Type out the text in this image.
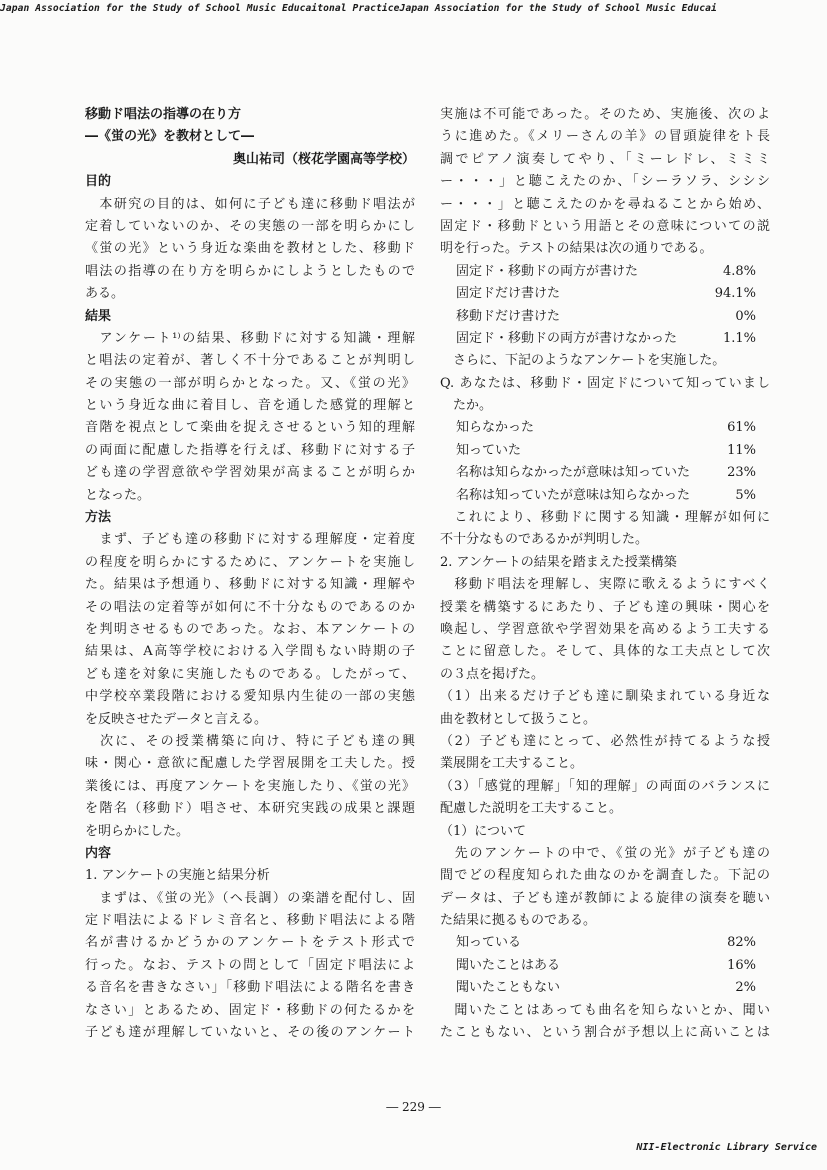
Japan Association for the Study of School Music Educaitonal PracticeJapan Association for the Study of School Music Educai
移動ド唱法の指導の在り方
―《蛍の光》を教材として―
奥山祐司（桜花学園高等学校）
目的
　本研究の目的は、如何に子ども達に移動ド唱法が
定着していないのか、その実態の一部を明らかにし
《蛍の光》という身近な楽曲を教材とした、移動ド
唱法の指導の在り方を明らかにしようとしたもので
ある。
結果
　アンケート¹⁾の結果、移動ドに対する知識・理解
と唱法の定着が、著しく不十分であることが判明し
その実態の一部が明らかとなった。又、《蛍の光》
という身近な曲に着目し、音を通した感覚的理解と
音階を視点として楽曲を捉えさせるという知的理解
の両面に配慮した指導を行えば、移動ドに対する子
ども達の学習意欲や学習効果が高まることが明らか
となった。
方法
　まず、子ども達の移動ドに対する理解度・定着度
の程度を明らかにするために、アンケートを実施し
た。結果は予想通り、移動ドに対する知識・理解や
その唱法の定着等が如何に不十分なものであるのか
を判明させるものであった。なお、本アンケートの
結果は、A高等学校における入学間もない時期の子
ども達を対象に実施したものである。したがって、
中学校卒業段階における愛知県内生徒の一部の実態
を反映させたデータと言える。
　次に、その授業構築に向け、特に子ども達の興
味・関心・意欲に配慮した学習展開を工夫した。授
業後には、再度アンケートを実施したり、《蛍の光》
を階名（移動ド）唱させ、本研究実践の成果と課題
を明らかにした。
内容
1. アンケートの実施と結果分析
　まずは、《蛍の光》（ヘ長調）の楽譜を配付し、固
定ド唱法によるドレミ音名と、移動ド唱法による階
名が書けるかどうかのアンケートをテスト形式で
行った。なお、テストの問として「固定ド唱法によ
る音名を書きなさい」「移動ド唱法による階名を書き
なさい」とあるため、固定ド・移動ドの何たるかを
子ども達が理解していないと、その後のアンケート
実施は不可能であった。そのため、実施後、次のよ
うに進めた。《メリーさんの羊》の冒頭旋律をト長
調でピアノ演奏してやり、「ミーレドレ、ミミミ
ー・・・」と聴こえたのか、「シーラソラ、シシシ
ー・・・」と聴こえたのかを尋ねることから始め、
固定ド・移動ドという用語とその意味についての説
明を行った。テストの結果は次の通りである。
固定ド・移動ドの両方が書けた	4.8%
固定ドだけ書けた	94.1%
移動ドだけ書けた	0%
固定ド・移動ドの両方が書けなかった	1.1%
　さらに、下記のようなアンケートを実施した。
Q. あなたは、移動ド・固定ドについて知っていまし
　たか。
知らなかった	61%
知っていた	11%
名称は知らなかったが意味は知っていた	23%
名称は知っていたが意味は知らなかった	5%
　これにより、移動ドに関する知識・理解が如何に
不十分なものであるかが判明した。
2. アンケートの結果を踏まえた授業構築
　移動ド唱法を理解し、実際に歌えるようにすべく
授業を構築するにあたり、子ども達の興味・関心を
喚起し、学習意欲や学習効果を高めるよう工夫する
ことに留意した。そして、具体的な工夫点として次
の３点を掲げた。
（1）出来るだけ子ども達に馴染まれている身近な
曲を教材として扱うこと。
（2）子ども達にとって、必然性が持てるような授
業展開を工夫すること。
（3）「感覚的理解」「知的理解」の両面のバランスに
配慮した説明を工夫すること。
（1）について
　先のアンケートの中で、《蛍の光》が子ども達の
間でどの程度知られた曲なのかを調査した。下記の
データは、子ども達が教師による旋律の演奏を聴い
た結果に拠るものである。
知っている	82%
聞いたことはある	16%
聞いたこともない	2%
　聞いたことはあっても曲名を知らないとか、聞い
たこともない、という割合が予想以上に高いことは
― 229 ―
NII-Electronic Library Service
